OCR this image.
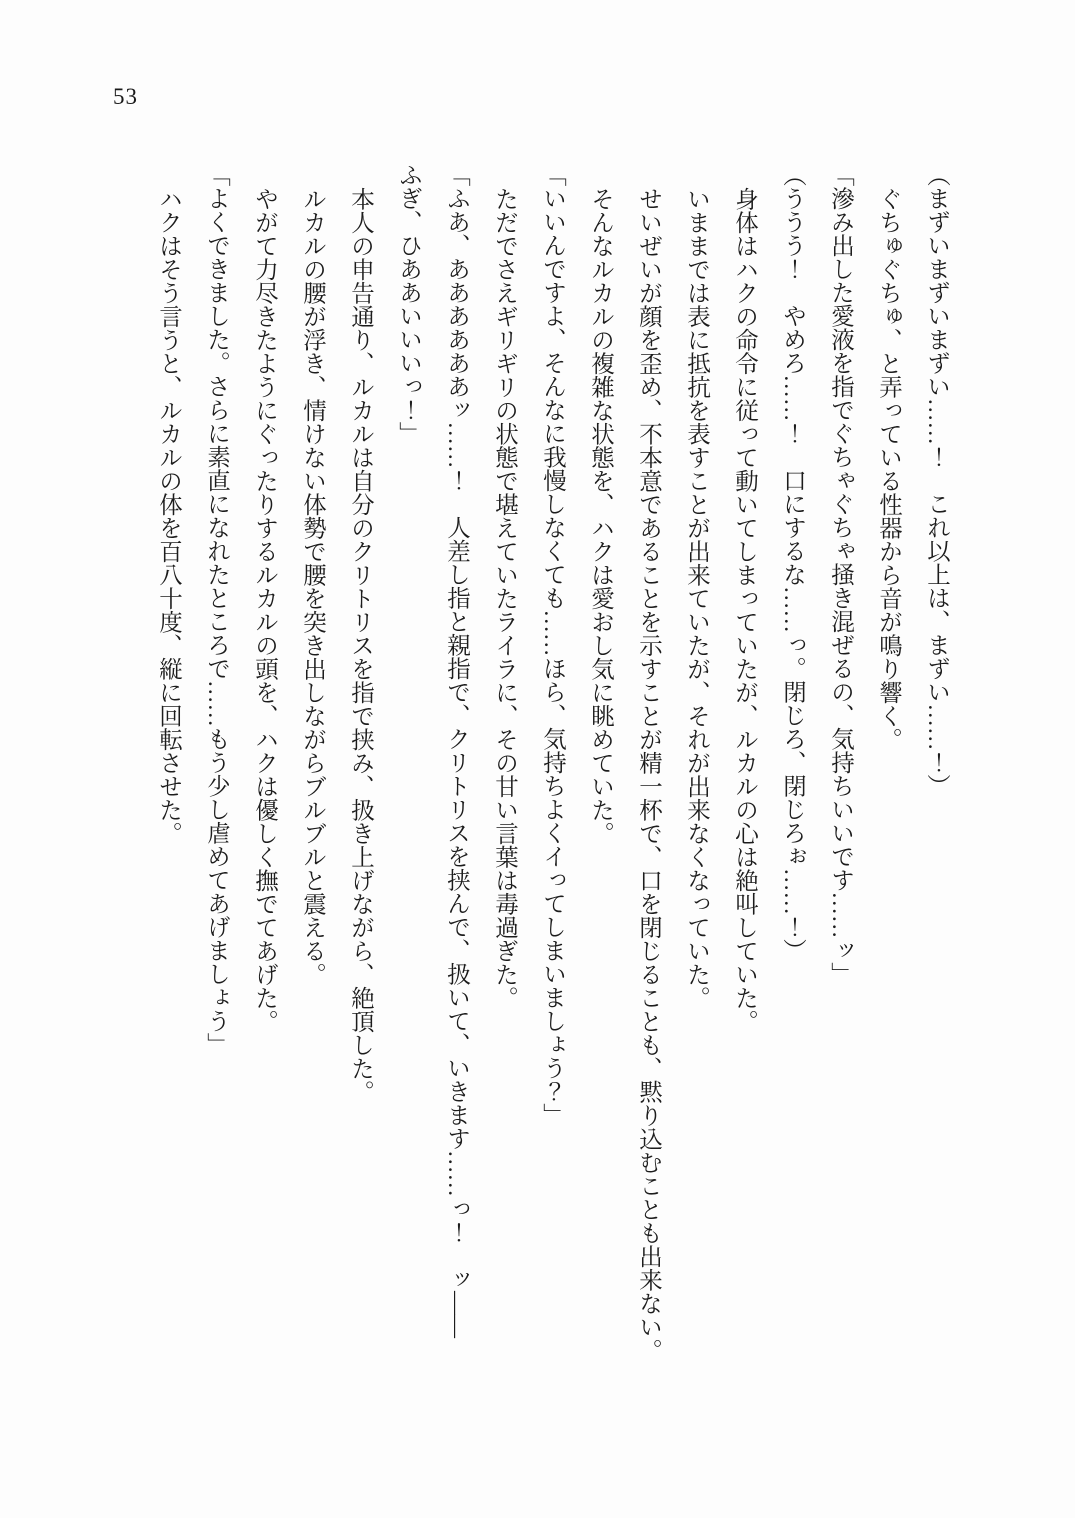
53

（まずいまずいまずい……！　これ以上は、まずい……！）

ぐちゅぐちゅ、と弄っている性器から音が鳴り響く。

「滲み出した愛液を指でぐちゃぐちゃ掻き混ぜるの、気持ちいいです……ッ」

（ううう！　やめろ……！　口にするな……っ。閉じろ、閉じろぉ……！）

身体はハクの命令に従って動いてしまっていたが、ルカルの心は絶叫していた。

いままでは表に抵抗を表すことが出来ていたが、それが出来なくなっていた。

せいぜいが顔を歪め、不本意であることを示すことが精一杯で、口を閉じることも、黙り込むことも出来ない。

そんなルカルの複雑な状態を、ハクは愛おし気に眺めていた。

「いいんですよ、そんなに我慢しなくても……ほら、気持ちよくイってしまいましょう？」

ただでさえギリギリの状態で堪えていたライラに、その甘い言葉は毒過ぎた。

「ふあ、ああああああッ……！　人差し指と親指で、クリトリスを挟んで、扱いて、いきます……っ！　ッ――

ふぎ、ひああいいいっ！」

本人の申告通り、ルカルは自分のクリトリスを指で挟み、扱き上げながら、絶頂した。

ルカルの腰が浮き、情けない体勢で腰を突き出しながらブルブルと震える。

やがて力尽きたようにぐったりするルカルの頭を、ハクは優しく撫でてあげた。

「よくできました。さらに素直になれたところで……もう少し虐めてあげましょう」

ハクはそう言うと、ルカルの体を百八十度、縦に回転させた。
